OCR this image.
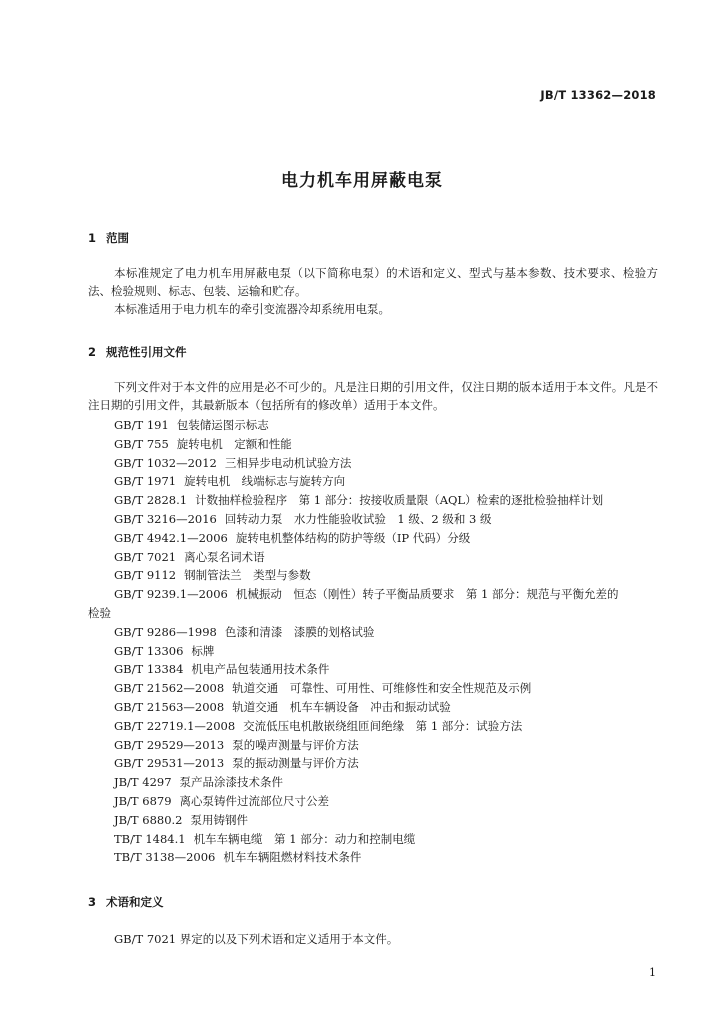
JB/T 13362—2018
电力机车用屏蔽电泵
1 范围

本标准规定了电力机车用屏蔽电泵（以下简称电泵）的术语和定义、型式与基本参数、技术要求、检验方法、检验规则、标志、包装、运输和贮存。

本标准适用于电力机车的牵引变流器冷却系统用电泵。

2 规范性引用文件

下列文件对于本文件的应用是必不可少的。凡是注日期的引用文件，仅注日期的版本适用于本文件。凡是不注日期的引用文件，其最新版本（包括所有的修改单）适用于本文件。

GB/T 191 包装储运图示标志
GB/T 755 旋转电机　定额和性能
GB/T 1032—2012 三相异步电动机试验方法
GB/T 1971 旋转电机　线端标志与旋转方向
GB/T 2828.1 计数抽样检验程序　第 1 部分：按接收质量限（AQL）检索的逐批检验抽样计划
GB/T 3216—2016 回转动力泵　水力性能验收试验　1 级、2 级和 3 级
GB/T 4942.1—2006 旋转电机整体结构的防护等级（IP 代码）分级
GB/T 7021 离心泵名词术语
GB/T 9112 钢制管法兰　类型与参数
GB/T 9239.1—2006 机械振动　恒态（刚性）转子平衡品质要求　第 1 部分：规范与平衡允差的
检验
GB/T 9286—1998 色漆和清漆　漆膜的划格试验
GB/T 13306 标牌
GB/T 13384 机电产品包装通用技术条件
GB/T 21562—2008 轨道交通　可靠性、可用性、可维修性和安全性规范及示例
GB/T 21563—2008 轨道交通　机车车辆设备　冲击和振动试验
GB/T 22719.1—2008 交流低压电机散嵌绕组匝间绝缘　第 1 部分：试验方法
GB/T 29529—2013 泵的噪声测量与评价方法
GB/T 29531—2013 泵的振动测量与评价方法
JB/T 4297 泵产品涂漆技术条件
JB/T 6879 离心泵铸件过流部位尺寸公差
JB/T 6880.2 泵用铸钢件
TB/T 1484.1 机车车辆电缆　第 1 部分：动力和控制电缆
TB/T 3138—2006 机车车辆阻燃材料技术条件
3 术语和定义

GB/T 7021 界定的以及下列术语和定义适用于本文件。

1
